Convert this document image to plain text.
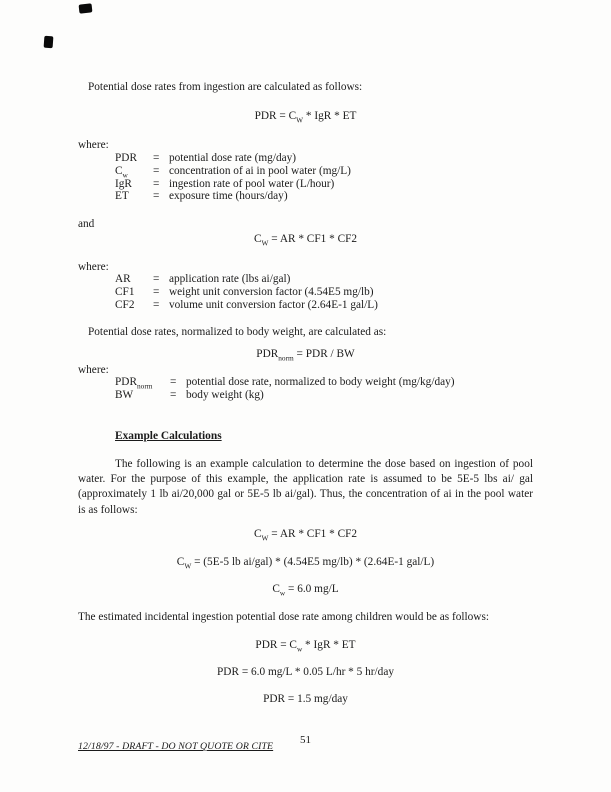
Potential dose rates from ingestion are calculated as follows:
PDR = $C_W$ * IgR * ET
where:
PDR	= potential dose rate (mg/day)
$C_w$	= concentration of ai in pool water (mg/L)
IgR	= ingestion rate of pool water (L/hour)
ET	= exposure time (hours/day)
and
$C_W$ = AR * CF1 * CF2
where:
AR	= application rate (lbs ai/gal)
CF1	= weight unit conversion factor (4.54E5 mg/lb)
CF2	= volume unit conversion factor (2.64E-1 gal/L)
Potential dose rates, normalized to body weight, are calculated as:
$PDR_{norm}$ = PDR / BW
where:
$PDR_{norm}$	= potential dose rate, normalized to body weight (mg/kg/day)
BW	= body weight (kg)
Example Calculations
The following is an example calculation to determine the dose based on ingestion of pool water. For the purpose of this example, the application rate is assumed to be 5E-5 lbs ai/ gal (approximately 1 lb ai/20,000 gal or 5E-5 lb ai/gal). Thus, the concentration of ai in the pool water is as follows:
$C_W$ = AR * CF1 * CF2
$C_W = (5E-5$ lb ai/gal) * (4.54E5 mg/lb) * (2.64E-1 gal/L)
$C_w = 6.0$ mg/L
The estimated incidental ingestion potential dose rate among children would be as follows:
PDR = $C_w$ * IgR * ET
PDR = 6.0 mg/L * 0.05 L/hr * 5 hr/day
PDR = 1.5 mg/day
51
12/18/97 - DRAFT - DO NOT QUOTE OR CITE
